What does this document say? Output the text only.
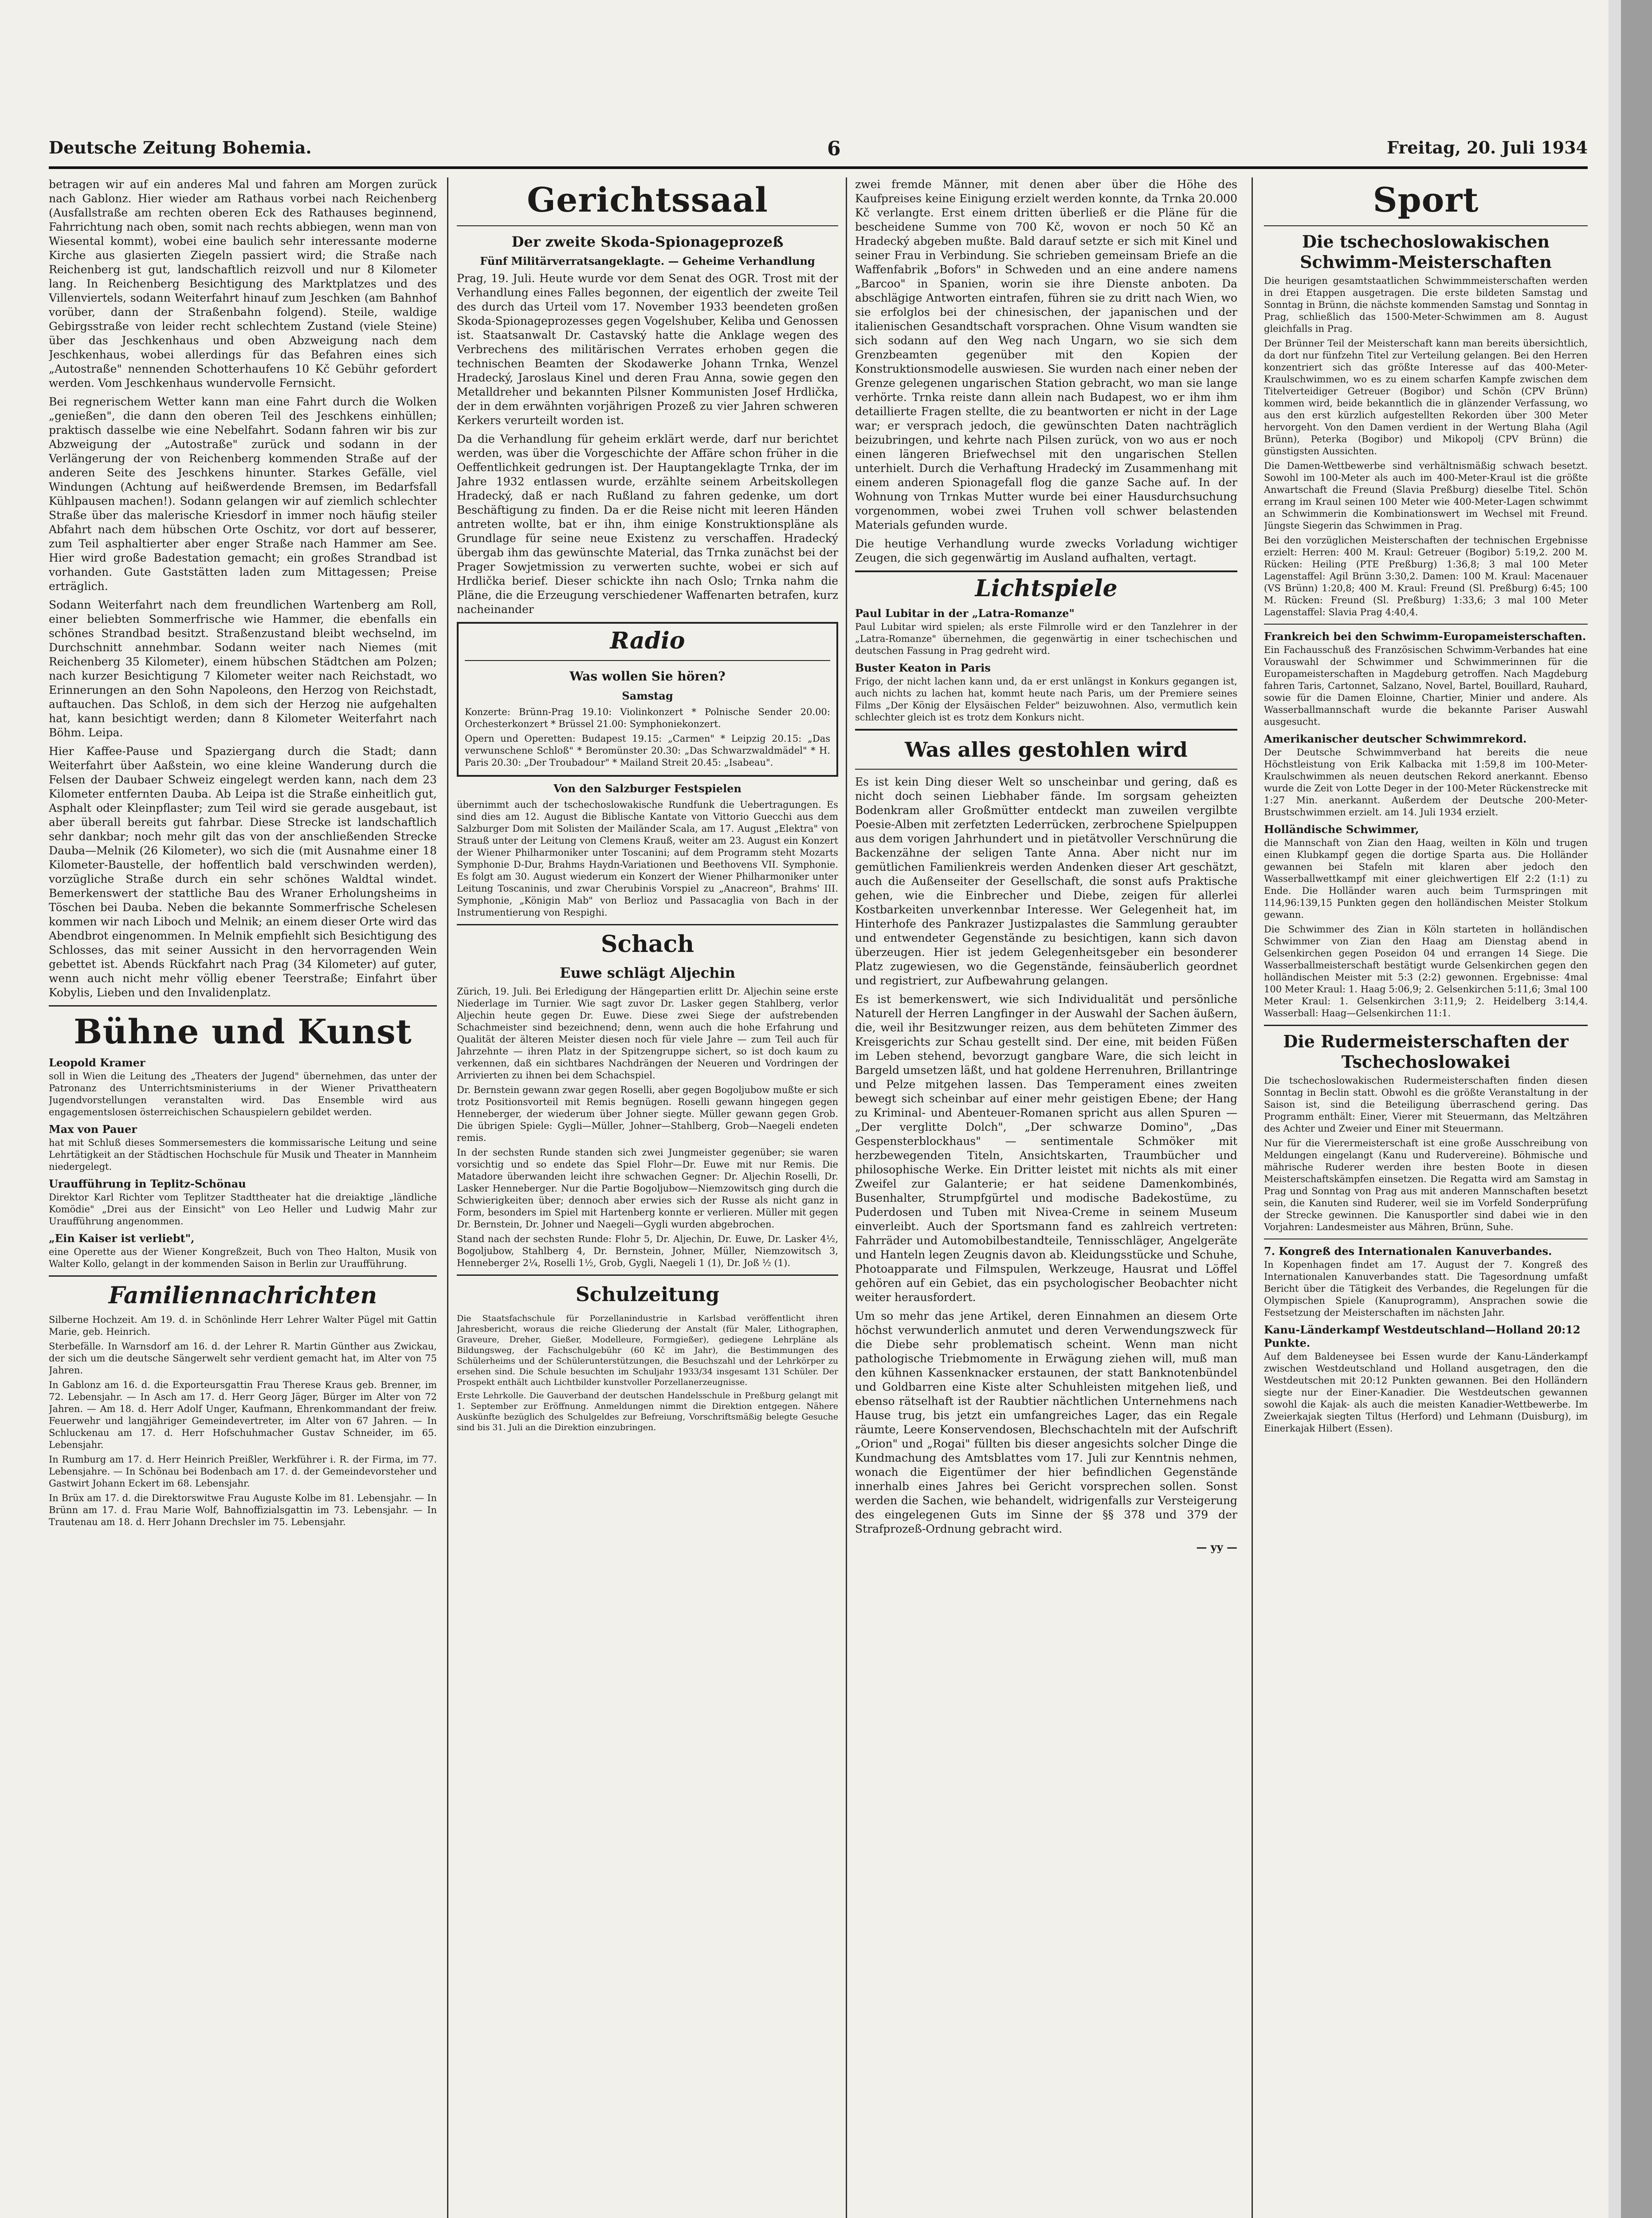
Deutsche Zeitung Bohemia.	6	Freitag, 20. Juli 1934

betragen wir auf ein anderes Mal und fahren am Morgen zurück nach Gablonz. Hier wieder am Rathaus vorbei nach Reichenberg (Ausfallstraße am rechten oberen Eck des Rathauses beginnend, Fahrrichtung nach oben, somit nach rechts abbiegen, wenn man von Wiesental kommt), wobei eine baulich sehr interessante moderne Kirche aus glasierten Ziegeln passiert wird; die Straße nach Reichenberg ist gut, landschaftlich reizvoll und nur 8 Kilometer lang. In Reichenberg Besichtigung des Marktplatzes und des Villenviertels, sodann Weiterfahrt hinauf zum Jeschken (am Bahnhof vorüber, dann der Straßenbahn folgend). Steile, waldige Gebirgsstraße von leider recht schlechtem Zustand (viele Steine) über das Jeschkenhaus und oben Abzweigung nach dem Jeschkenhaus, wobei allerdings für das Befahren eines sich „Autostraße" nennenden Schotterhaufens 10 Kč Gebühr gefordert werden. Vom Jeschkenhaus wundervolle Fernsicht.

Bei regnerischem Wetter kann man eine Fahrt durch die Wolken „genießen", die dann den oberen Teil des Jeschkens einhüllen; praktisch dasselbe wie eine Nebelfahrt. Sodann fahren wir bis zur Abzweigung der „Autostraße" zurück und sodann in der Verlängerung der von Reichenberg kommenden Straße auf der anderen Seite des Jeschkens hinunter. Starkes Gefälle, viel Windungen (Achtung auf heißwerdende Bremsen, im Bedarfsfall Kühlpausen machen!). Sodann gelangen wir auf ziemlich schlechter Straße über das malerische Kriesdorf in immer noch häufig steiler Abfahrt nach dem hübschen Orte Oschitz, vor dort auf besserer, zum Teil asphaltierter aber enger Straße nach Hammer am See. Hier wird große Badestation gemacht; ein großes Strandbad ist vorhanden. Gute Gaststätten laden zum Mittagessen; Preise erträglich.

Sodann Weiterfahrt nach dem freundlichen Wartenberg am Roll, einer beliebten Sommerfrische wie Hammer, die ebenfalls ein schönes Strandbad besitzt. Straßenzustand bleibt wechselnd, im Durchschnitt annehmbar. Sodann weiter nach Niemes (mit Reichenberg 35 Kilometer), einem hübschen Städtchen am Polzen; nach kurzer Besichtigung 7 Kilometer weiter nach Reichstadt, wo Erinnerungen an den Sohn Napoleons, den Herzog von Reichstadt, auftauchen. Das Schloß, in dem sich der Herzog nie aufgehalten hat, kann besichtigt werden; dann 8 Kilometer Weiterfahrt nach Böhm. Leipa.

Hier Kaffee-Pause und Spaziergang durch die Stadt; dann Weiterfahrt über Aaßstein, wo eine kleine Wanderung durch die Felsen der Daubaer Schweiz eingelegt werden kann, nach dem 23 Kilometer entfernten Dauba. Ab Leipa ist die Straße einheitlich gut, Asphalt oder Kleinpflaster; zum Teil wird sie gerade ausgebaut, ist aber überall bereits gut fahrbar. Diese Strecke ist landschaftlich sehr dankbar; noch mehr gilt das von der anschließenden Strecke Dauba—Melnik (26 Kilometer), wo sich die (mit Ausnahme einer 18 Kilometer-Baustelle, der hoffentlich bald verschwinden werden), vorzügliche Straße durch ein sehr schönes Waldtal windet. Bemerkenswert der stattliche Bau des Wraner Erholungsheims in Töschen bei Dauba. Neben die bekannte Sommerfrische Schelesen kommen wir nach Liboch und Melnik; an einem dieser Orte wird das Abendbrot eingenommen. In Melnik empfiehlt sich Besichtigung des Schlosses, das mit seiner Aussicht in den hervorragenden Wein gebettet ist. Abends Rückfahrt nach Prag (34 Kilometer) auf guter, wenn auch nicht mehr völlig ebener Teerstraße; Einfahrt über Kobylis, Lieben und den Invalidenplatz.

Bühne und Kunst
Leopold Kramer

soll in Wien die Leitung des „Theaters der Jugend" übernehmen, das unter der Patronanz des Unterrichtsministeriums in der Wiener Privattheatern Jugendvorstellungen veranstalten wird. Das Ensemble wird aus engagementslosen österreichischen Schauspielern gebildet werden.

Max von Pauer

hat mit Schluß dieses Sommersemesters die kommissarische Leitung und seine Lehrtätigkeit an der Städtischen Hochschule für Musik und Theater in Mannheim niedergelegt.

Uraufführung in Teplitz-Schönau

Direktor Karl Richter vom Teplitzer Stadttheater hat die dreiaktige „ländliche Komödie" „Drei aus der Einsicht" von Leo Heller und Ludwig Mahr zur Uraufführung angenommen.

„Ein Kaiser ist verliebt",

eine Operette aus der Wiener Kongreßzeit, Buch von Theo Halton, Musik von Walter Kollo, gelangt in der kommenden Saison in Berlin zur Uraufführung.

Familiennachrichten

Silberne Hochzeit. Am 19. d. in Schönlinde Herr Lehrer Walter Pügel mit Gattin Marie, geb. Heinrich.

Sterbefälle. In Warnsdorf am 16. d. der Lehrer R. Martin Günther aus Zwickau, der sich um die deutsche Sängerwelt sehr verdient gemacht hat, im Alter von 75 Jahren.

In Gablonz am 16. d. die Exporteursgattin Frau Therese Kraus geb. Brenner, im 72. Lebensjahr. — In Asch am 17. d. Herr Georg Jäger, Bürger im Alter von 72 Jahren. — Am 18. d. Herr Adolf Unger, Kaufmann, Ehrenkommandant der freiw. Feuerwehr und langjähriger Gemeindevertreter, im Alter von 67 Jahren. — In Schluckenau am 17. d. Herr Hofschuhmacher Gustav Schneider, im 65. Lebensjahr.

In Rumburg am 17. d. Herr Heinrich Preißler, Werkführer i. R. der Firma, im 77. Lebensjahre. — In Schönau bei Bodenbach am 17. d. der Gemeindevorsteher und Gastwirt Johann Eckert im 68. Lebensjahr.

In Brüx am 17. d. die Direktorswitwe Frau Auguste Kolbe im 81. Lebensjahr. — In Brünn am 17. d. Frau Marie Wolf, Bahnoffizialsgattin im 73. Lebensjahr. — In Trautenau am 18. d. Herr Johann Drechsler im 75. Lebensjahr.

Gerichtssaal
Der zweite Skoda-Spionageprozeß
Fünf Militärverratsangeklagte. — Geheime Verhandlung

Prag, 19. Juli. Heute wurde vor dem Senat des OGR. Trost mit der Verhandlung eines Falles begonnen, der eigentlich der zweite Teil des durch das Urteil vom 17. November 1933 beendeten großen Skoda-Spionageprozesses gegen Vogelshuber, Keliba und Genossen ist. Staatsanwalt Dr. Castavský hatte die Anklage wegen des Verbrechens des militärischen Verrates erhoben gegen die technischen Beamten der Skodawerke Johann Trnka, Wenzel Hradecký, Jaroslaus Kinel und deren Frau Anna, sowie gegen den Metalldreher und bekannten Pilsner Kommunisten Josef Hrdlička, der in dem erwähnten vorjährigen Prozeß zu vier Jahren schweren Kerkers verurteilt worden ist.

Da die Verhandlung für geheim erklärt werde, darf nur berichtet werden, was über die Vorgeschichte der Affäre schon früher in die Oeffentlichkeit gedrungen ist. Der Hauptangeklagte Trnka, der im Jahre 1932 entlassen wurde, erzählte seinem Arbeitskollegen Hradecký, daß er nach Rußland zu fahren gedenke, um dort Beschäftigung zu finden. Da er die Reise nicht mit leeren Händen antreten wollte, bat er ihn, ihm einige Konstruktionspläne als Grundlage für seine neue Existenz zu verschaffen. Hradecký übergab ihm das gewünschte Material, das Trnka zunächst bei der Prager Sowjetmission zu verwerten suchte, wobei er sich auf Hrdlička berief. Dieser schickte ihn nach Oslo; Trnka nahm die Pläne, die die Erzeugung verschiedener Waffenarten betrafen, kurz nacheinander

Radio
Was wollen Sie hören?
Samstag

Konzerte: Brünn-Prag 19.10: Violinkonzert * Polnische Sender 20.00: Orchesterkonzert * Brüssel 21.00: Symphoniekonzert.

Opern und Operetten: Budapest 19.15: „Carmen" * Leipzig 20.15: „Das verwunschene Schloß" * Beromünster 20.30: „Das Schwarzwaldmädel" * H. Paris 20.30: „Der Troubadour" * Mailand Streit 20.45: „Isabeau".

Von den Salzburger Festspielen

übernimmt auch der tschechoslowakische Rundfunk die Uebertragungen. Es sind dies am 12. August die Biblische Kantate von Vittorio Guecchi aus dem Salzburger Dom mit Solisten der Mailänder Scala, am 17. August „Elektra" von Strauß unter der Leitung von Clemens Krauß, weiter am 23. August ein Konzert der Wiener Philharmoniker unter Toscanini; auf dem Programm steht Mozarts Symphonie D-Dur, Brahms Haydn-Variationen und Beethovens VII. Symphonie. Es folgt am 30. August wiederum ein Konzert der Wiener Philharmoniker unter Leitung Toscaninis, und zwar Cherubinis Vorspiel zu „Anacreon", Brahms' III. Symphonie, „Königin Mab" von Berlioz und Passacaglia von Bach in der Instrumentierung von Respighi.

Schach
Euwe schlägt Aljechin

Zürich, 19. Juli. Bei Erledigung der Hängepartien erlitt Dr. Aljechin seine erste Niederlage im Turnier. Wie sagt zuvor Dr. Lasker gegen Stahlberg, verlor Aljechin heute gegen Dr. Euwe. Diese zwei Siege der aufstrebenden Schachmeister sind bezeichnend; denn, wenn auch die hohe Erfahrung und Qualität der älteren Meister diesen noch für viele Jahre — zum Teil auch für Jahrzehnte — ihren Platz in der Spitzengruppe sichert, so ist doch kaum zu verkennen, daß ein sichtbares Nachdrängen der Neueren und Vordringen der Arrivierten zu ihnen bei dem Schachspiel.

Dr. Bernstein gewann zwar gegen Roselli, aber gegen Bogoljubow mußte er sich trotz Positionsvorteil mit Remis begnügen. Roselli gewann hingegen gegen Henneberger, der wiederum über Johner siegte. Müller gewann gegen Grob. Die übrigen Spiele: Gygli—Müller, Johner—Stahlberg, Grob—Naegeli endeten remis.

In der sechsten Runde standen sich zwei Jungmeister gegenüber; sie waren vorsichtig und so endete das Spiel Flohr—Dr. Euwe mit nur Remis. Die Matadore überwanden leicht ihre schwachen Gegner: Dr. Aljechin Roselli, Dr. Lasker Henneberger. Nur die Partie Bogoljubow—Niemzowitsch ging durch die Schwierigkeiten über; dennoch aber erwies sich der Russe als nicht ganz in Form, besonders im Spiel mit Hartenberg konnte er verlieren. Müller mit gegen Dr. Bernstein, Dr. Johner und Naegeli—Gygli wurden abgebrochen.

Stand nach der sechsten Runde: Flohr 5, Dr. Aljechin, Dr. Euwe, Dr. Lasker 4½, Bogoljubow, Stahlberg 4, Dr. Bernstein, Johner, Müller, Niemzowitsch 3, Henneberger 2¼, Roselli 1½, Grob, Gygli, Naegeli 1 (1), Dr. Joß ½ (1).

Schulzeitung

Die Staatsfachschule für Porzellanindustrie in Karlsbad veröffentlicht ihren Jahresbericht, woraus die reiche Gliederung der Anstalt (für Maler, Lithographen, Graveure, Dreher, Gießer, Modelleure, Formgießer), gediegene Lehrpläne als Bildungsweg, der Fachschulgebühr (60 Kč im Jahr), die Bestimmungen des Schülerheims und der Schülerunterstützungen, die Besuchszahl und der Lehrkörper zu ersehen sind. Die Schule besuchten im Schuljahr 1933/34 insgesamt 131 Schüler. Der Prospekt enthält auch Lichtbilder kunstvoller Porzellanerzeugnisse.

Erste Lehrkolle. Die Gauverband der deutschen Handelsschule in Preßburg gelangt mit 1. September zur Eröffnung. Anmeldungen nimmt die Direktion entgegen. Nähere Auskünfte bezüglich des Schulgeldes zur Befreiung, Vorschriftsmäßig belegte Gesuche sind bis 31. Juli an die Direktion einzubringen.

zwei fremde Männer, mit denen aber über die Höhe des Kaufpreises keine Einigung erzielt werden konnte, da Trnka 20.000 Kč verlangte. Erst einem dritten überließ er die Pläne für die bescheidene Summe von 700 Kč, wovon er noch 50 Kč an Hradecký abgeben mußte. Bald darauf setzte er sich mit Kinel und seiner Frau in Verbindung. Sie schrieben gemeinsam Briefe an die Waffenfabrik „Bofors" in Schweden und an eine andere namens „Barcoo" in Spanien, worin sie ihre Dienste anboten. Da abschlägige Antworten eintrafen, führen sie zu dritt nach Wien, wo sie erfolglos bei der chinesischen, der japanischen und der italienischen Gesandtschaft vorsprachen. Ohne Visum wandten sie sich sodann auf den Weg nach Ungarn, wo sie sich dem Grenzbeamten gegenüber mit den Kopien der Konstruktionsmodelle auswiesen. Sie wurden nach einer neben der Grenze gelegenen ungarischen Station gebracht, wo man sie lange verhörte. Trnka reiste dann allein nach Budapest, wo er ihm ihm detaillierte Fragen stellte, die zu beantworten er nicht in der Lage war; er versprach jedoch, die gewünschten Daten nachträglich beizubringen, und kehrte nach Pilsen zurück, von wo aus er noch einen längeren Briefwechsel mit den ungarischen Stellen unterhielt. Durch die Verhaftung Hradecký im Zusammenhang mit einem anderen Spionagefall flog die ganze Sache auf. In der Wohnung von Trnkas Mutter wurde bei einer Hausdurchsuchung vorgenommen, wobei zwei Truhen voll schwer belastenden Materials gefunden wurde.

Die heutige Verhandlung wurde zwecks Vorladung wichtiger Zeugen, die sich gegenwärtig im Ausland aufhalten, vertagt.

Lichtspiele
Paul Lubitar in der „Latra-Romanze"

Paul Lubitar wird spielen; als erste Filmrolle wird er den Tanzlehrer in der „Latra-Romanze" übernehmen, die gegenwärtig in einer tschechischen und deutschen Fassung in Prag gedreht wird.

Buster Keaton in Paris

Frigo, der nicht lachen kann und, da er erst unlängst in Konkurs gegangen ist, auch nichts zu lachen hat, kommt heute nach Paris, um der Premiere seines Films „Der König der Elysäischen Felder" beizuwohnen. Also, vermutlich kein schlechter gleich ist es trotz dem Konkurs nicht.

Was alles gestohlen wird

Es ist kein Ding dieser Welt so unscheinbar und gering, daß es nicht doch seinen Liebhaber fände. Im sorgsam geheizten Bodenkram aller Großmütter entdeckt man zuweilen vergilbte Poesie-Alben mit zerfetzten Lederrücken, zerbrochene Spielpuppen aus dem vorigen Jahrhundert und in pietätvoller Verschnürung die Backenzähne der seligen Tante Anna. Aber nicht nur im gemütlichen Familienkreis werden Andenken dieser Art geschätzt, auch die Außenseiter der Gesellschaft, die sonst aufs Praktische gehen, wie die Einbrecher und Diebe, zeigen für allerlei Kostbarkeiten unverkennbar Interesse. Wer Gelegenheit hat, im Hinterhofe des Pankrazer Justizpalastes die Sammlung geraubter und entwendeter Gegenstände zu besichtigen, kann sich davon überzeugen. Hier ist jedem Gelegenheitsgeber ein besonderer Platz zugewiesen, wo die Gegenstände, feinsäuberlich geordnet und registriert, zur Aufbewahrung gelangen.

Es ist bemerkenswert, wie sich Individualität und persönliche Naturell der Herren Langfinger in der Auswahl der Sachen äußern, die, weil ihr Besitzwunger reizen, aus dem behüteten Zimmer des Kreisgerichts zur Schau gestellt sind. Der eine, mit beiden Füßen im Leben stehend, bevorzugt gangbare Ware, die sich leicht in Bargeld umsetzen läßt, und hat goldene Herrenuhren, Brillantringe und Pelze mitgehen lassen. Das Temperament eines zweiten bewegt sich scheinbar auf einer mehr geistigen Ebene; der Hang zu Kriminal- und Abenteuer-Romanen spricht aus allen Spuren — „Der verglitte Dolch", „Der schwarze Domino", „Das Gespensterblockhaus" — sentimentale Schmöker mit herzbewegenden Titeln, Ansichtskarten, Traumbücher und philosophische Werke. Ein Dritter leistet mit nichts als mit einer Zweifel zur Galanterie; er hat seidene Damenkombinés, Busenhalter, Strumpfgürtel und modische Badekostüme, zu Puderdosen und Tuben mit Nivea-Creme in seinem Museum einverleibt. Auch der Sportsmann fand es zahlreich vertreten: Fahrräder und Automobilbestandteile, Tennisschläger, Angelgeräte und Hanteln legen Zeugnis davon ab. Kleidungsstücke und Schuhe, Photoapparate und Filmspulen, Werkzeuge, Hausrat und Löffel gehören auf ein Gebiet, das ein psychologischer Beobachter nicht weiter herausfordert.

Um so mehr das jene Artikel, deren Einnahmen an diesem Orte höchst verwunderlich anmutet und deren Verwendungszweck für die Diebe sehr problematisch scheint. Wenn man nicht pathologische Triebmomente in Erwägung ziehen will, muß man den kühnen Kassenknacker erstaunen, der statt Banknotenbündel und Goldbarren eine Kiste alter Schuhleisten mitgehen ließ, und ebenso rätselhaft ist der Raubtier nächtlichen Unternehmens nach Hause trug, bis jetzt ein umfangreiches Lager, das ein Regale räumte, Leere Konservendosen, Blechschachteln mit der Aufschrift „Orion" und „Rogai" füllten bis dieser angesichts solcher Dinge die Kundmachung des Amtsblattes vom 17. Juli zur Kenntnis nehmen, wonach die Eigentümer der hier befindlichen Gegenstände innerhalb eines Jahres bei Gericht vorsprechen sollen. Sonst werden die Sachen, wie behandelt, widrigenfalls zur Versteigerung des eingelegenen Guts im Sinne der §§ 378 und 379 der Strafprozeß-Ordnung gebracht wird.

— yy —
Sport
Die tschechoslowakischen Schwimm-Meisterschaften

Die heurigen gesamtstaatlichen Schwimmmeisterschaften werden in drei Etappen ausgetragen. Die erste bildeten Samstag und Sonntag in Brünn, die nächste kommenden Samstag und Sonntag in Prag, schließlich das 1500-Meter-Schwimmen am 8. August gleichfalls in Prag.

Der Brünner Teil der Meisterschaft kann man bereits übersichtlich, da dort nur fünfzehn Titel zur Verteilung gelangen. Bei den Herren konzentriert sich das größte Interesse auf das 400-Meter-Kraulschwimmen, wo es zu einem scharfen Kampfe zwischen dem Titelverteidiger Getreuer (Bogibor) und Schön (CPV Brünn) kommen wird, beide bekanntlich die in glänzender Verfassung, wo aus den erst kürzlich aufgestellten Rekorden über 300 Meter hervorgeht. Von den Damen verdient in der Wertung Blaha (Agil Brünn), Peterka (Bogibor) und Mikopolj (CPV Brünn) die günstigsten Aussichten.

Die Damen-Wettbewerbe sind verhältnismäßig schwach besetzt. Sowohl im 100-Meter als auch im 400-Meter-Kraul ist die größte Anwartschaft die Freund (Slavia Preßburg) dieselbe Titel. Schön errang im Kraul seinen 100 Meter wie 400-Meter-Lagen schwimmt an Schwimmerin die Kombinationswert im Wechsel mit Freund. Jüngste Siegerin das Schwimmen in Prag.

Bei den vorzüglichen Meisterschaften der technischen Ergebnisse erzielt: Herren: 400 M. Kraul: Getreuer (Bogibor) 5:19,2. 200 M. Rücken: Heiling (PTE Preßburg) 1:36,8; 3 mal 100 Meter Lagenstaffel: Agil Brünn 3:30,2. Damen: 100 M. Kraul: Macenauer (VS Brünn) 1:20,8; 400 M. Kraul: Freund (Sl. Preßburg) 6:45; 100 M. Rücken: Freund (Sl. Preßburg) 1:33,6; 3 mal 100 Meter Lagenstaffel: Slavia Prag 4:40,4.

Frankreich bei den Schwimm-Europameisterschaften.

Ein Fachausschuß des Französischen Schwimm-Verbandes hat eine Vorauswahl der Schwimmer und Schwimmerinnen für die Europameisterschaften in Magdeburg getroffen. Nach Magdeburg fahren Taris, Cartonnet, Salzano, Novel, Bartel, Bouillard, Rauhard, sowie für die Damen Eloinne, Chartier, Minier und andere. Als Wasserballmannschaft wurde die bekannte Pariser Auswahl ausgesucht.

Amerikanischer deutscher Schwimmrekord.

Der Deutsche Schwimmverband hat bereits die neue Höchstleistung von Erik Kalbacka mit 1:59,8 im 100-Meter-Kraulschwimmen als neuen deutschen Rekord anerkannt. Ebenso wurde die Zeit von Lotte Deger in der 100-Meter Rückenstrecke mit 1:27 Min. anerkannt. Außerdem der Deutsche 200-Meter-Brustschwimmen erzielt. am 14. Juli 1934 erzielt.

Holländische Schwimmer,

die Mannschaft von Zian den Haag, weilten in Köln und trugen einen Klubkampf gegen die dortige Sparta aus. Die Holländer gewannen bei Stafeln mit klaren aber jedoch den Wasserballwettkampf mit einer gleichwertigen Elf 2:2 (1:1) zu Ende. Die Holländer waren auch beim Turmspringen mit 114,96:139,15 Punkten gegen den holländischen Meister Stolkum gewann.

Die Schwimmer des Zian in Köln starteten in holländischen Schwimmer von Zian den Haag am Dienstag abend in Gelsenkirchen gegen Poseidon 04 und errangen 14 Siege. Die Wasserballmeisterschaft bestätigt wurde Gelsenkirchen gegen den holländischen Meister mit 5:3 (2:2) gewonnen. Ergebnisse: 4mal 100 Meter Kraul: 1. Haag 5:06,9; 2. Gelsenkirchen 5:11,6; 3mal 100 Meter Kraul: 1. Gelsenkirchen 3:11,9; 2. Heidelberg 3:14,4. Wasserball: Haag—Gelsenkirchen 11:1.

Die Rudermeisterschaften der Tschechoslowakei

Die tschechoslowakischen Rudermeisterschaften finden diesen Sonntag in Beclin statt. Obwohl es die größte Veranstaltung in der Saison ist, sind die Beteiligung überraschend gering. Das Programm enthält: Einer, Vierer mit Steuermann, das Meltzähren des Achter und Zweier und Einer mit Steuermann.

Nur für die Vierermeisterschaft ist eine große Ausschreibung von Meldungen eingelangt (Kanu und Rudervereine). Böhmische und mährische Ruderer werden ihre besten Boote in diesen Meisterschaftskämpfen einsetzen. Die Regatta wird am Samstag in Prag und Sonntag von Prag aus mit anderen Mannschaften besetzt sein, die Kanuten sind Ruderer, weil sie im Vorfeld Sonderprüfung der Strecke gewinnen. Die Kanusportler sind dabei wie in den Vorjahren: Landesmeister aus Mähren, Brünn, Suhe.

7. Kongreß des Internationalen Kanuverbandes.

In Kopenhagen findet am 17. August der 7. Kongreß des Internationalen Kanuverbandes statt. Die Tagesordnung umfaßt Bericht über die Tätigkeit des Verbandes, die Regelungen für die Olympischen Spiele (Kanuprogramm), Ansprachen sowie die Festsetzung der Meisterschaften im nächsten Jahr.

Kanu-Länderkampf Westdeutschland—Holland 20:12 Punkte.

Auf dem Baldeneysee bei Essen wurde der Kanu-Länderkampf zwischen Westdeutschland und Holland ausgetragen, den die Westdeutschen mit 20:12 Punkten gewannen. Bei den Holländern siegte nur der Einer-Kanadier. Die Westdeutschen gewannen sowohl die Kajak- als auch die meisten Kanadier-Wettbewerbe. Im Zweierkajak siegten Tiltus (Herford) und Lehmann (Duisburg), im Einerkajak Hilbert (Essen).
